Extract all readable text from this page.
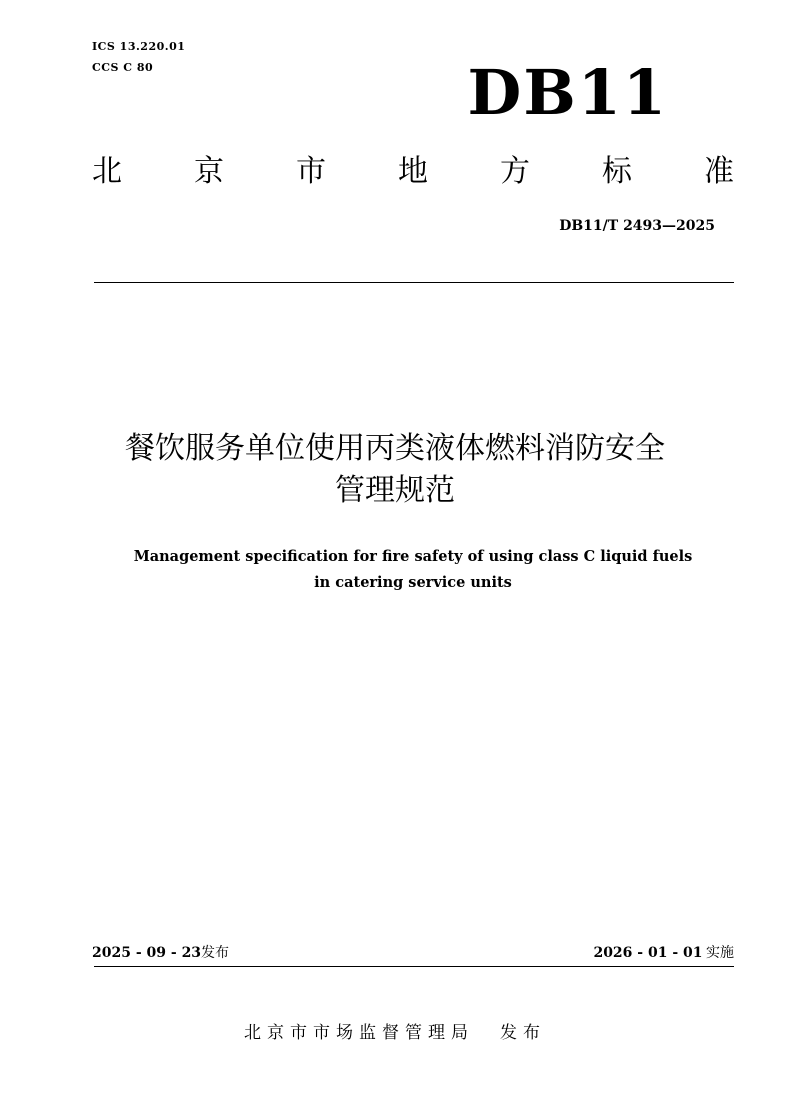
ICS 13.220.01
CCS C 80	DB11
北 京 市 地 方 标 准
DB11/T 2493—2025
餐饮服务单位使用丙类液体燃料消防安全
管理规范
Management specification for fire safety of using class C liquid fuels
in catering service units
2025 - 09 - 23发布	2026 - 01 - 01 实施
北京市市场监督管理局 发布
